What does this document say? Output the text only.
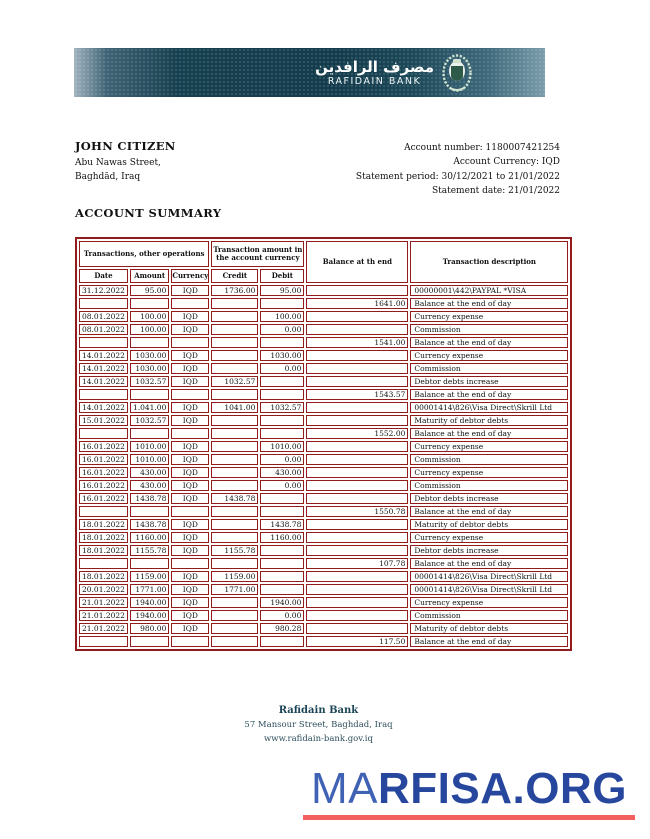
مصرف الرافدين
RAFIDAIN BANK
JOHN CITIZEN
Abu Nawas Street,
Baghdād, Iraq
Account number: 1180007421254
Account Currency: IQD
Statement period: 30/12/2021 to 21/01/2022
Statement date: 21/01/2022
ACCOUNT SUMMARY
Transactions, other operations			Transaction amount in the account currency		Balance at th end	Transaction description
Date	Amount	Currency	Credit	Debit		
31.12.2022	95.00	IQD	1736.00	95.00		00000001\442\PAYPAL *VISA
					1641.00	Balance at the end of day
08.01.2022	100.00	IQD		100.00		Currency expense
08.01.2022	100.00	IQD		0.00		Commission
					1541.00	Balance at the end of day
14.01.2022	1030.00	IQD		1030.00		Currency expense
14.01.2022	1030.00	IQD		0.00		Commission
14.01.2022	1032.57	IQD	1032.57			Debtor debts increase
					1543.57	Balance at the end of day
14.01.2022	1.041.00	IQD	1041.00	1032.57		00001414\826\Visa Direct\Skrill Ltd
15.01.2022	1032.57	IQD				Maturity of debtor debts
					1552.00	Balance at the end of day
16.01.2022	1010.00	IQD		1010.00		Currency expense
16.01.2022	1010.00	IQD		0.00		Commission
16.01.2022	430.00	IQD		430.00		Currency expense
16.01.2022	430.00	IQD		0.00		Commission
16.01.2022	1438.78	IQD	1438.78			Debtor debts increase
					1550.78	Balance at the end of day
18.01.2022	1438.78	IQD		1438.78		Maturity of debtor debts
18.01.2022	1160.00	IQD		1160.00		Currency expense
18.01.2022	1155.78	IQD	1155.78			Debtor debts increase
					107.78	Balance at the end of day
18.01.2022	1159.00	IQD	1159.00			00001414\826\Visa Direct\Skrill Ltd
20.01.2022	1771.00	IQD	1771.00			00001414\826\Visa Direct\Skrill Ltd
21.01.2022	1940.00	IQD		1940.00		Currency expense
21.01.2022	1940.00	IQD		0.00		Commission
21.01.2022	980.00	IQD		980.28		Maturity of debtor debts
					117.50	Balance at the end of day
Rafidain Bank
57 Mansour Street, Baghdad, Iraq
www.rafidain-bank.gov.iq
MARFISA.ORG
